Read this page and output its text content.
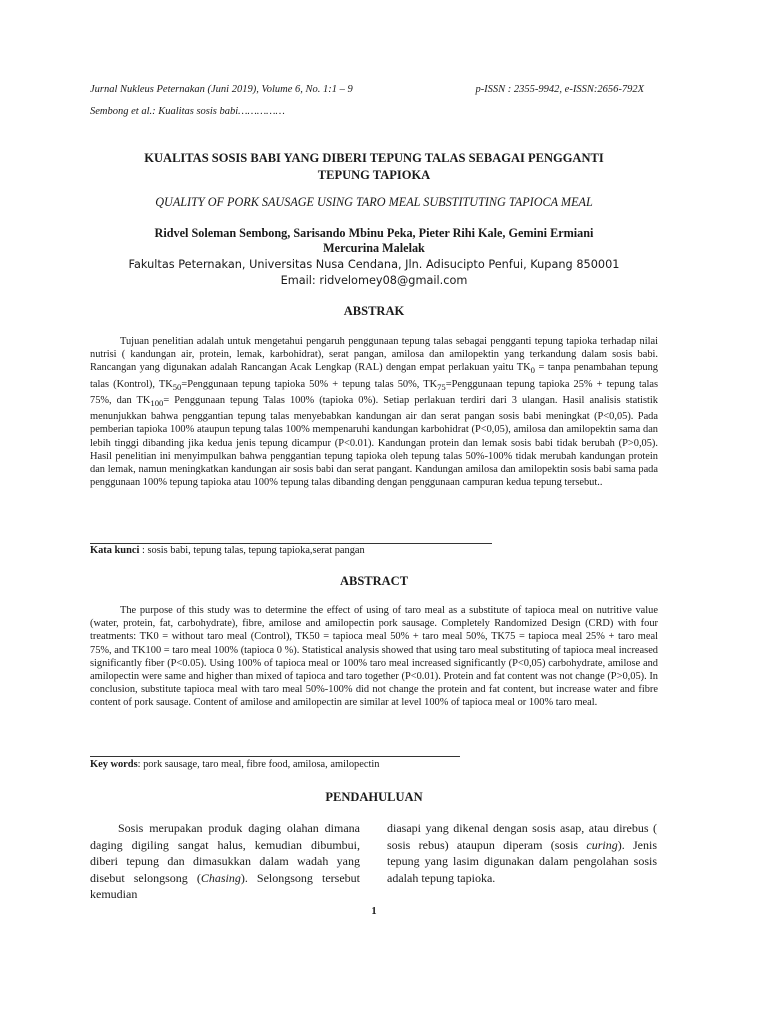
Jurnal Nukleus Peternakan (Juni 2019), Volume 6, No. 1:1 – 9	p-ISSN : 2355-9942, e-ISSN:2656-792X
Sembong et al.: Kualitas sosis babi……………
KUALITAS SOSIS BABI YANG DIBERI TEPUNG TALAS SEBAGAI PENGGANTI
TEPUNG TAPIOKA
QUALITY OF PORK SAUSAGE USING TARO MEAL SUBSTITUTING TAPIOCA MEAL
Ridvel Soleman Sembong, Sarisando Mbinu Peka, Pieter Rihi Kale, Gemini Ermiani
Mercurina Malelak
Fakultas Peternakan, Universitas Nusa Cendana, Jln. Adisucipto Penfui, Kupang 850001
Email: ridvelomey08@gmail.com
ABSTRAK

Tujuan penelitian adalah untuk mengetahui pengaruh penggunaan tepung talas sebagai pengganti tepung tapioka terhadap nilai nutrisi ( kandungan air, protein, lemak, karbohidrat), serat pangan, amilosa dan amilopektin yang terkandung dalam sosis babi. Rancangan yang digunakan adalah Rancangan Acak Lengkap (RAL) dengan empat perlakuan yaitu $TK_0$ = tanpa penambahan tepung talas (Kontrol), $TK_{50}=Penggunaan$ tepung tapioka 50% + tepung talas 50%, $TK_{75}=Penggunaan$ tepung tapioka 25% + tepung talas 75%, dan $TK_{100}=$ Penggunaan tepung Talas 100% (tapioka 0%). Setiap perlakuan terdiri dari 3 ulangan. Hasil analisis statistik menunjukkan bahwa penggantian tepung talas menyebabkan kandungan air dan serat pangan sosis babi meningkat (P<0,05). Pada pemberian tapioka 100% ataupun tepung talas 100% mempenaruhi kandungan karbohidrat (P<0,05), amilosa dan amilopektin sama dan lebih tinggi dibanding jika kedua jenis tepung dicampur (P<0.01). Kandungan protein dan lemak sosis babi tidak berubah (P>0,05). Hasil penelitian ini menyimpulkan bahwa penggantian tepung tapioka oleh tepung talas 50%-100% tidak merubah kandungan protein dan lemak, namun meningkatkan kandungan air sosis babi dan serat pangant. Kandungan amilosa dan amilopektin sosis babi sama pada penggunaan 100% tepung tapioka atau 100% tepung talas dibanding dengan penggunaan campuran kedua tepung tersebut..

Kata kunci : sosis babi, tepung talas, tepung tapioka,serat pangan
ABSTRACT

The purpose of this study was to determine the effect of using of taro meal as a substitute of tapioca meal on nutritive value (water, protein, fat, carbohydrate), fibre, amilose and amilopectin pork sausage. Completely Randomized Design (CRD) with four treatments: TK0 = without taro meal (Control), TK50 = tapioca meal 50% + taro meal 50%, TK75 = tapioca meal 25% + taro meal 75%, and TK100 = taro meal 100% (tapioca 0 %). Statistical analysis showed that using taro meal substituting of tapioca meal increased significantly fiber (P<0.05). Using 100% of tapioca meal or 100% taro meal increased significantly (P<0,05) carbohydrate, amilose and amilopectin were same and higher than mixed of tapioca and taro together (P<0.01). Protein and fat content was not change (P>0,05). In conclusion, substitute tapioca meal with taro meal 50%-100% did not change the protein and fat content, but increase water and fibre content of pork sausage. Content of amilose and amilopectin are similar at level 100% of tapioca meal or 100% taro meal.

Key words: pork sausage, taro meal, fibre food, amilosa, amilopectin
PENDAHULUAN

Sosis merupakan produk daging olahan dimana daging digiling sangat halus, kemudian dibumbui, diberi tepung dan dimasukkan dalam wadah yang disebut selongsong (Chasing). Selongsong tersebut kemudian

diasapi yang dikenal dengan sosis asap, atau direbus ( sosis rebus) ataupun diperam (sosis curing). Jenis tepung yang lasim digunakan dalam pengolahan sosis adalah tepung tapioka.

1
